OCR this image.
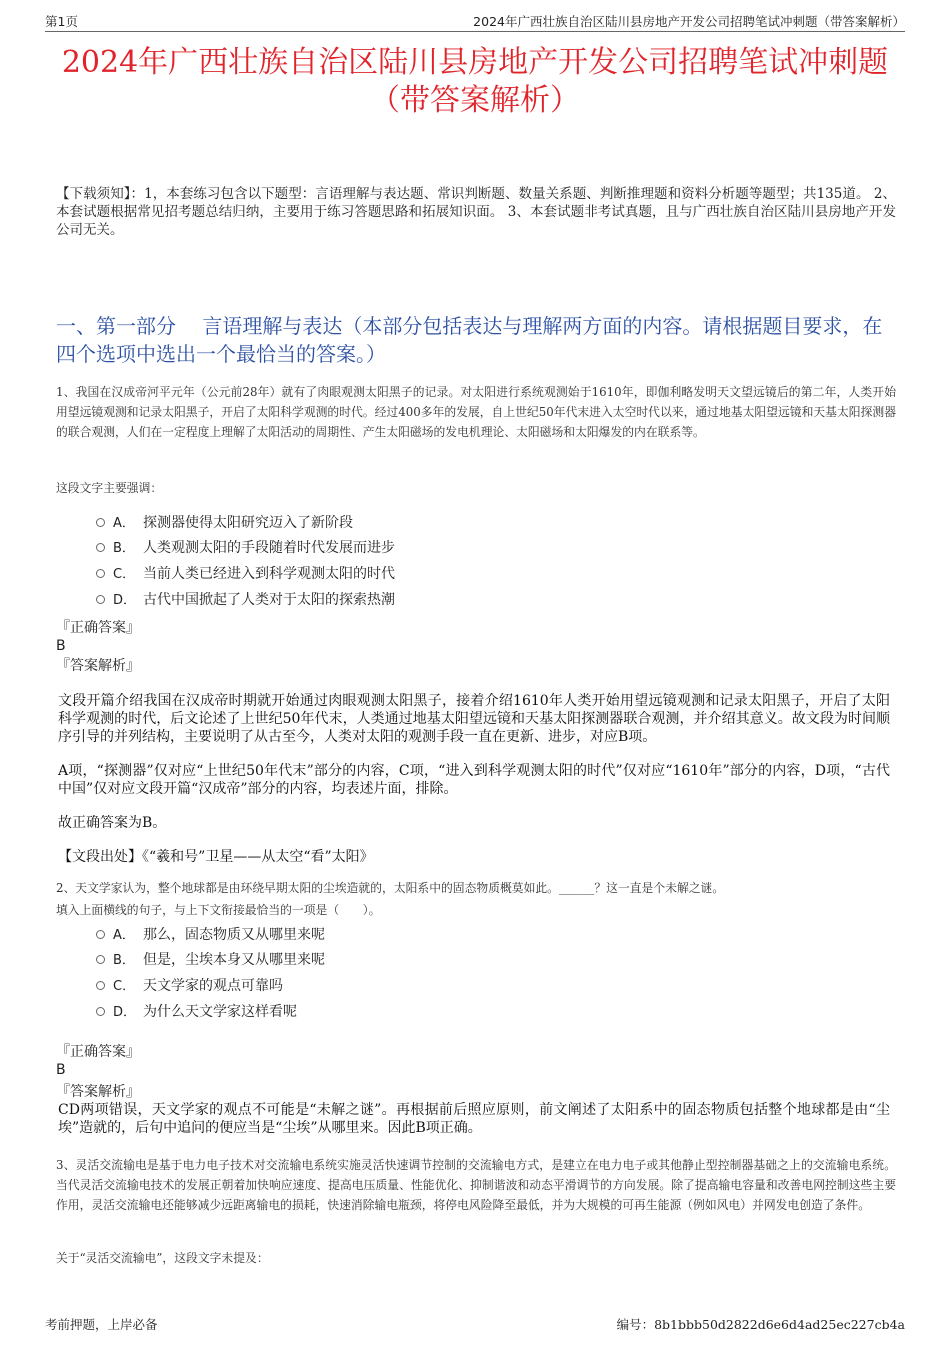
第1页	2024年广西壮族自治区陆川县房地产开发公司招聘笔试冲刺题（带答案解析）
2024年广西壮族自治区陆川县房地产开发公司招聘笔试冲刺题
（带答案解析）
【下载须知】：1，本套练习包含以下题型：言语理解与表达题、常识判断题、数量关系题、判断推理题和资料分析题等题型；共135道。 2、本套试题根据常见招考题总结归纳，主要用于练习答题思路和拓展知识面。 3、本套试题非考试真题，且与广西壮族自治区陆川县房地产开发公司无关。
一、第一部分　 言语理解与表达（本部分包括表达与理解两方面的内容。请根据题目要求，在四个选项中选出一个最恰当的答案。）
1、我国在汉成帝河平元年（公元前28年）就有了肉眼观测太阳黑子的记录。对太阳进行系统观测始于1610年，即伽利略发明天文望远镜后的第二年，人类开始用望远镜观测和记录太阳黑子，开启了太阳科学观测的时代。经过400多年的发展，自上世纪50年代末进入太空时代以来，通过地基太阳望远镜和天基太阳探测器的联合观测，人们在一定程度上理解了太阳活动的周期性、产生太阳磁场的发电机理论、太阳磁场和太阳爆发的内在联系等。
这段文字主要强调：
A． 探测器使得太阳研究迈入了新阶段
B． 人类观测太阳的手段随着时代发展而进步
C． 当前人类已经进入到科学观测太阳的时代
D． 古代中国掀起了人类对于太阳的探索热潮
『正确答案』
B
『答案解析』
文段开篇介绍我国在汉成帝时期就开始通过肉眼观测太阳黑子，接着介绍1610年人类开始用望远镜观测和记录太阳黑子，开启了太阳科学观测的时代，后文论述了上世纪50年代末，人类通过地基太阳望远镜和天基太阳探测器联合观测，并介绍其意义。故文段为时间顺序引导的并列结构，主要说明了从古至今，人类对太阳的观测手段一直在更新、进步，对应B项。
A项，“探测器”仅对应“上世纪50年代末”部分的内容，C项，“进入到科学观测太阳的时代”仅对应“1610年”部分的内容，D项，“古代中国”仅对应文段开篇“汉成帝”部分的内容，均表述片面，排除。
故正确答案为B。
【文段出处】《“羲和号”卫星——从太空“看”太阳》
2、天文学家认为，整个地球都是由环绕早期太阳的尘埃造就的，太阳系中的固态物质概莫如此。______？这一直是个未解之谜。
填入上面横线的句子，与上下文衔接最恰当的一项是（　　）。
A． 那么，固态物质又从哪里来呢
B． 但是，尘埃本身又从哪里来呢
C． 天文学家的观点可靠吗
D． 为什么天文学家这样看呢
『正确答案』
B
『答案解析』
CD两项错误，天文学家的观点不可能是“未解之谜”。再根据前后照应原则，前文阐述了太阳系中的固态物质包括整个地球都是由“尘埃”造就的，后句中追问的便应当是“尘埃”从哪里来。因此B项正确。
3、灵活交流输电是基于电力电子技术对交流输电系统实施灵活快速调节控制的交流输电方式，是建立在电力电子或其他静止型控制器基础之上的交流输电系统。当代灵活交流输电技术的发展正朝着加快响应速度、提高电压质量、性能优化、抑制谐波和动态平滑调节的方向发展。除了提高输电容量和改善电网控制这些主要作用，灵活交流输电还能够减少远距离输电的损耗，快速消除输电瓶颈，将停电风险降至最低，并为大规模的可再生能源（例如风电）并网发电创造了条件。
关于“灵活交流输电”，这段文字未提及：
考前押题，上岸必备	编号：8b1bbb50d2822d6e6d4ad25ec227cb4a
